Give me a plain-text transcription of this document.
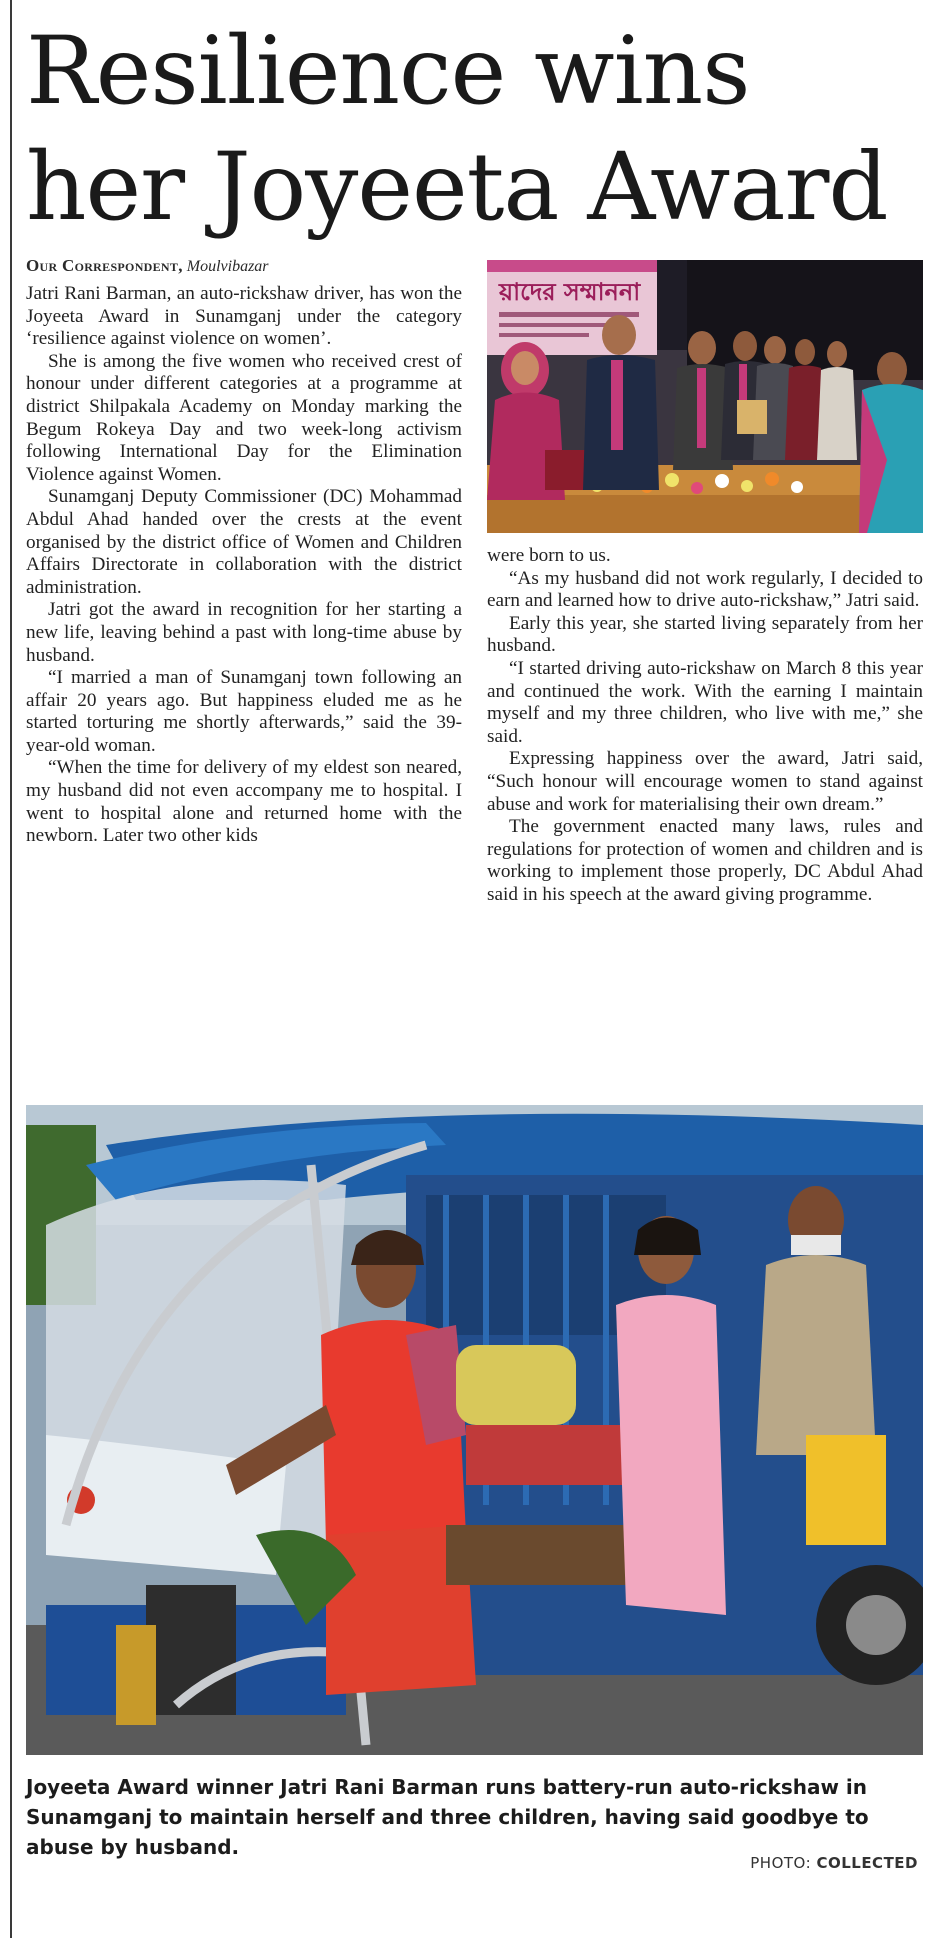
Resilience wins her Joyeeta Award
Our Correspondent, Moulvibazar

Jatri Rani Barman, an auto-rickshaw driver, has won the Joyeeta Award in Sunamganj under the category ‘resilience against violence on women’.

She is among the five women who received crest of honour under different categories at a programme at district Shilpakala Academy on Monday marking the Begum Rokeya Day and two week-long activism following International Day for the Elimination Violence against Women.

Sunamganj Deputy Commissioner (DC) Mohammad Abdul Ahad handed over the crests at the event organised by the district office of Women and Children Affairs Directorate in collaboration with the district administration.

Jatri got the award in recognition for her starting a new life, leaving behind a past with long-time abuse by husband.

“I married a man of Sunamganj town following an affair 20 years ago. But happiness eluded me as he started torturing me shortly afterwards,” said the 39-year-old woman.

“When the time for delivery of my eldest son neared, my husband did not even accompany me to hospital. I went to hospital alone and returned home with the newborn. Later two other kids

য়াদের সম্মাননা

were born to us.

“As my husband did not work regularly, I decided to earn and learned how to drive auto-rickshaw,” Jatri said.

Early this year, she started living separately from her husband.

“I started driving auto-rickshaw on March 8 this year and continued the work. With the earning I maintain myself and my three children, who live with me,” she said.

Expressing happiness over the award, Jatri said, “Such honour will encourage women to stand against abuse and work for materialising their own dream.”

The government enacted many laws, rules and regulations for protection of women and children and is working to implement those properly, DC Abdul Ahad said in his speech at the award giving programme.

Joyeeta Award winner Jatri Rani Barman runs battery-run auto-rickshaw in Sunamganj to maintain herself and three children, having said goodbye to abuse by husband.

PHOTO: COLLECTED
